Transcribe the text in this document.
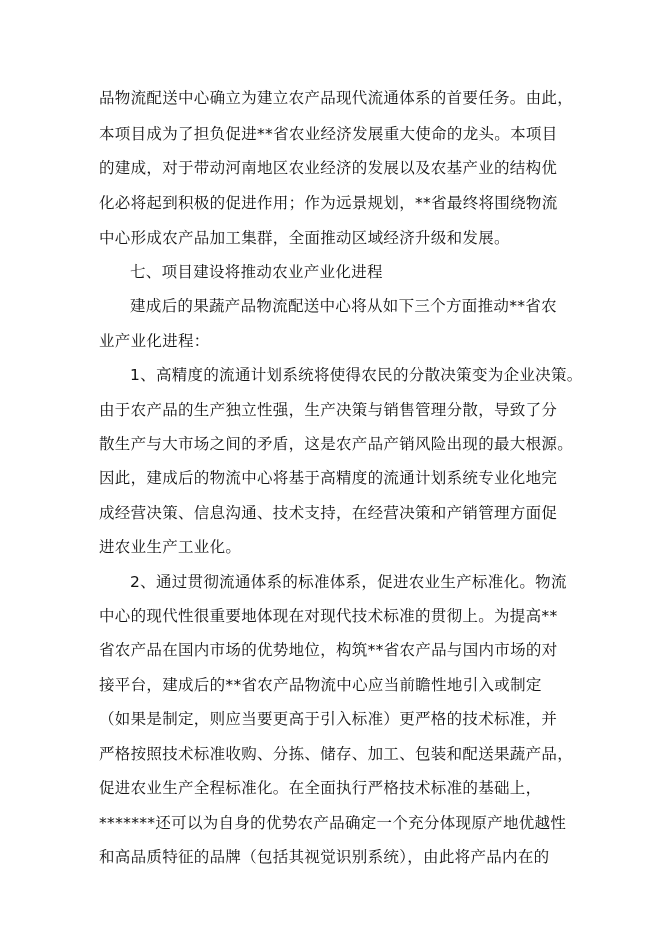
品物流配送中心确立为建立农产品现代流通体系的首要任务。由此，
本项目成为了担负促进**省农业经济发展重大使命的龙头。本项目
的建成，对于带动河南地区农业经济的发展以及农基产业的结构优
化必将起到积极的促进作用；作为远景规划，**省最终将围绕物流
中心形成农产品加工集群，全面推动区域经济升级和发展。
七、项目建设将推动农业产业化进程
建成后的果蔬产品物流配送中心将从如下三个方面推动**省农
业产业化进程：
1、高精度的流通计划系统将使得农民的分散决策变为企业决策。
由于农产品的生产独立性强，生产决策与销售管理分散，导致了分
散生产与大市场之间的矛盾，这是农产品产销风险出现的最大根源。
因此，建成后的物流中心将基于高精度的流通计划系统专业化地完
成经营决策、信息沟通、技术支持，在经营决策和产销管理方面促
进农业生产工业化。
2、通过贯彻流通体系的标准体系，促进农业生产标准化。物流
中心的现代性很重要地体现在对现代技术标准的贯彻上。为提高**
省农产品在国内市场的优势地位，构筑**省农产品与国内市场的对
接平台，建成后的**省农产品物流中心应当前瞻性地引入或制定
（如果是制定，则应当要更高于引入标准）更严格的技术标准，并
严格按照技术标准收购、分拣、储存、加工、包装和配送果蔬产品，
促进农业生产全程标准化。在全面执行严格技术标准的基础上，
*******还可以为自身的优势农产品确定一个充分体现原产地优越性
和高品质特征的品牌（包括其视觉识别系统），由此将产品内在的
